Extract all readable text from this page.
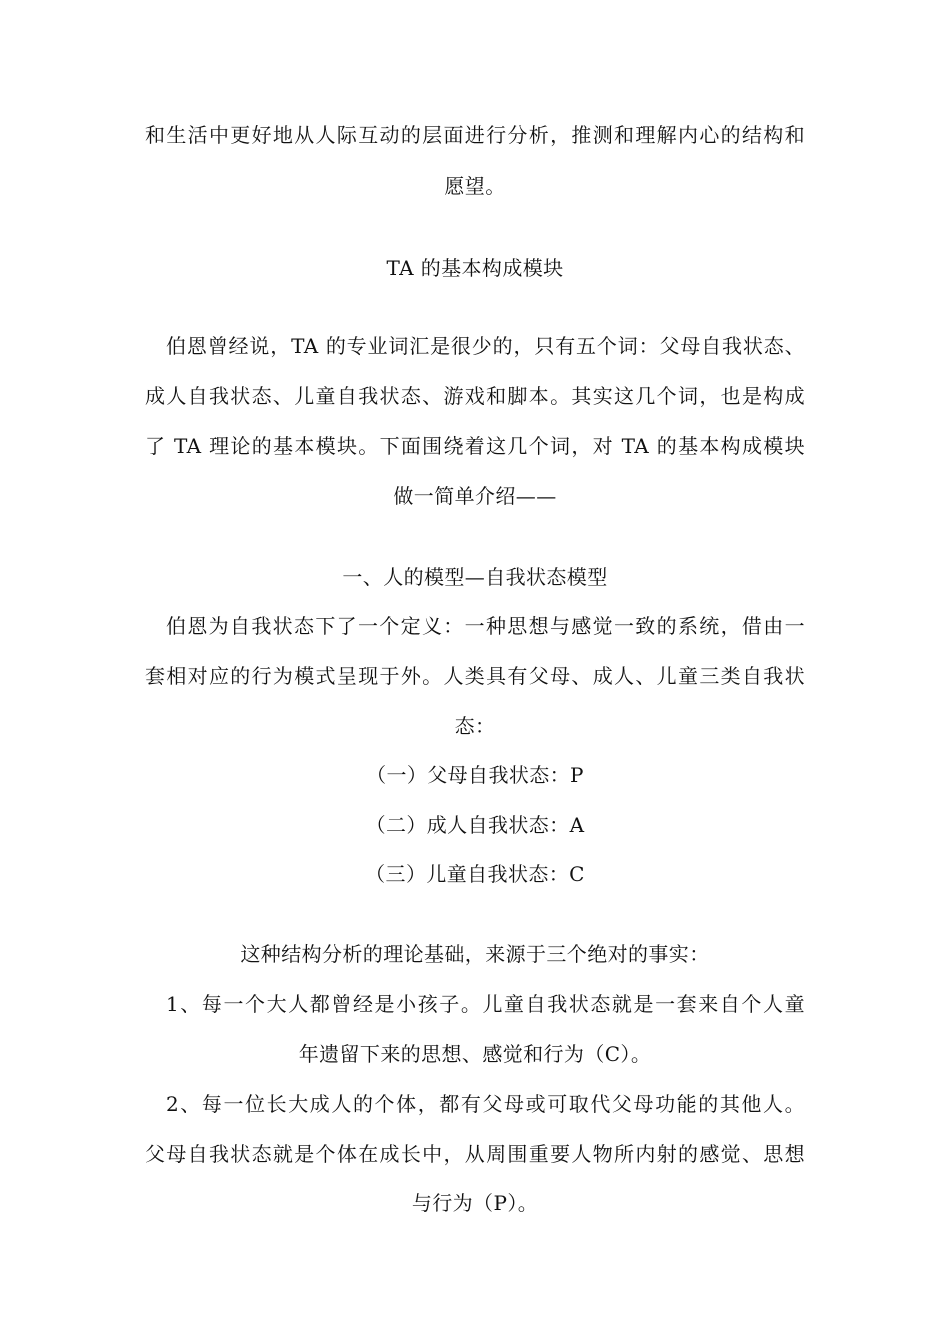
和生活中更好地从人际互动的层面进行分析，推测和理解内心的结构和
愿望。
TA 的基本构成模块
伯恩曾经说，TA 的专业词汇是很少的，只有五个词：父母自我状态、
成人自我状态、儿童自我状态、游戏和脚本。其实这几个词，也是构成
了 TA 理论的基本模块。下面围绕着这几个词，对 TA 的基本构成模块
做一简单介绍——
一、人的模型—自我状态模型
伯恩为自我状态下了一个定义：一种思想与感觉一致的系统，借由一
套相对应的行为模式呈现于外。人类具有父母、成人、儿童三类自我状
态：
（一）父母自我状态：P
（二）成人自我状态：A
（三）儿童自我状态：C
这种结构分析的理论基础，来源于三个绝对的事实：
1、每一个大人都曾经是小孩子。儿童自我状态就是一套来自个人童
年遗留下来的思想、感觉和行为（C）。
2、每一位长大成人的个体，都有父母或可取代父母功能的其他人。
父母自我状态就是个体在成长中，从周围重要人物所内射的感觉、思想
与行为（P）。
